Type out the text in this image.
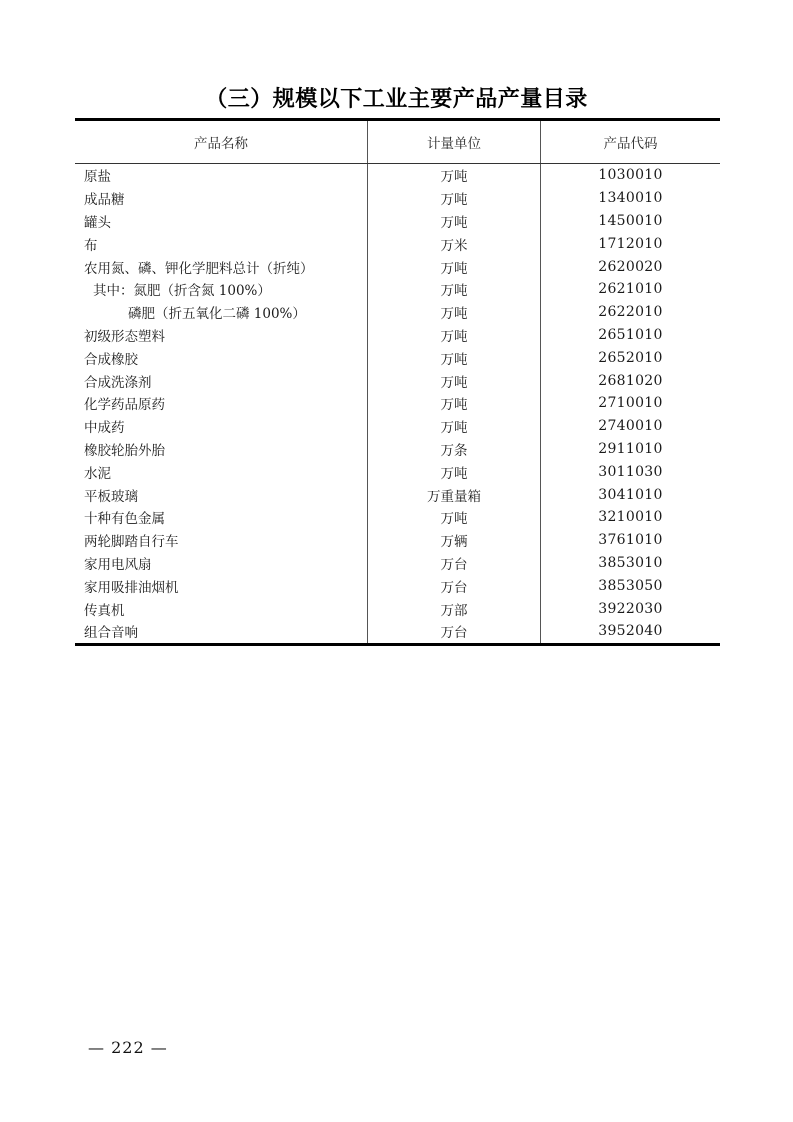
（三）规模以下工业主要产品产量目录
产品名称	计量单位	产品代码
原盐	万吨	1030010
成品糖	万吨	1340010
罐头	万吨	1450010
布	万米	1712010
农用氮、磷、钾化学肥料总计（折纯）	万吨	2620020
其中：氮肥（折含氮 100%）	万吨	2621010
磷肥（折五氧化二磷 100%）	万吨	2622010
初级形态塑料	万吨	2651010
合成橡胶	万吨	2652010
合成洗涤剂	万吨	2681020
化学药品原药	万吨	2710010
中成药	万吨	2740010
橡胶轮胎外胎	万条	2911010
水泥	万吨	3011030
平板玻璃	万重量箱	3041010
十种有色金属	万吨	3210010
两轮脚踏自行车	万辆	3761010
家用电风扇	万台	3853010
家用吸排油烟机	万台	3853050
传真机	万部	3922030
组合音响	万台	3952040
— 222 —
